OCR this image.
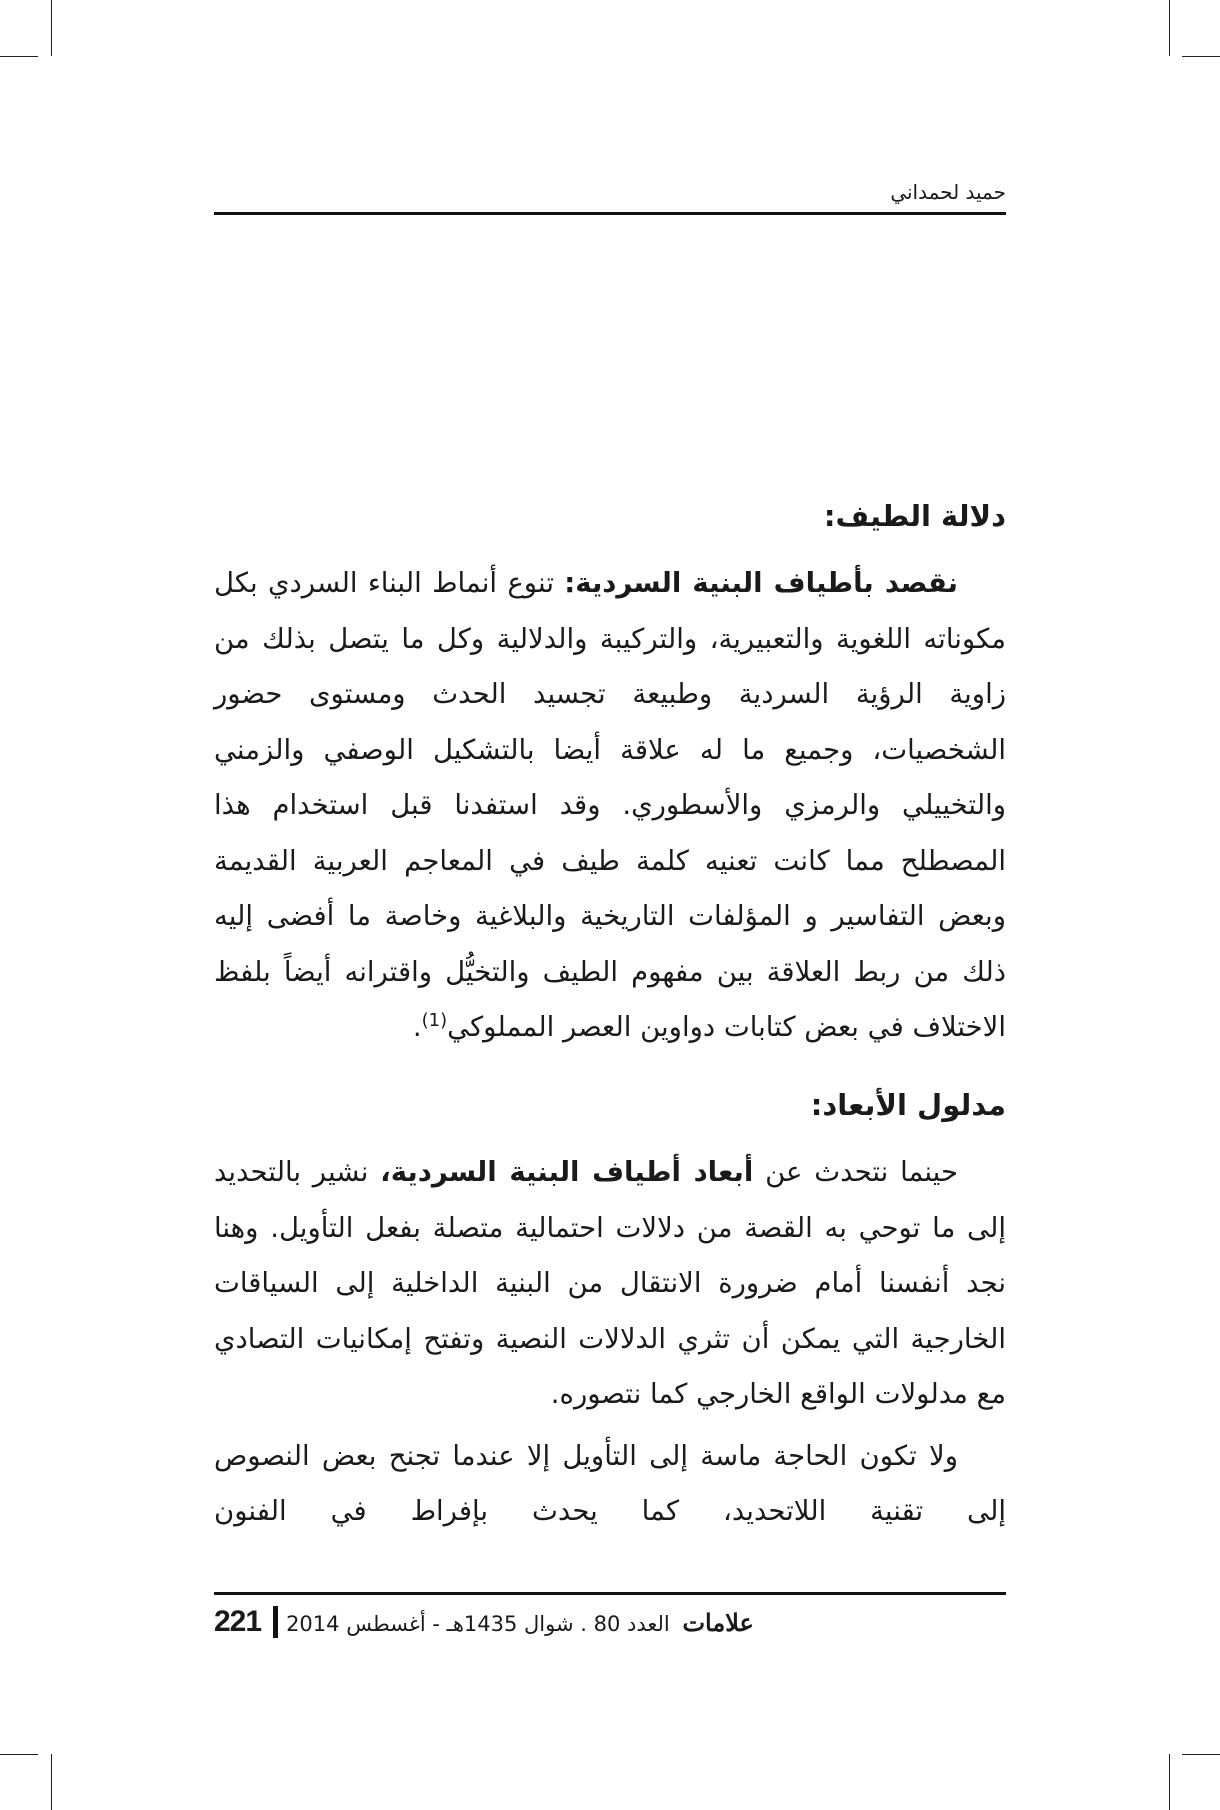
حميد لحمداني
دلالة الطيف:

نقصد بأطياف البنية السردية: تنوع أنماط البناء السردي بكل مكوناته اللغوية والتعبيرية، والتركيبة والدلالية وكل ما يتصل بذلك من زاوية الرؤية السردية وطبيعة تجسيد الحدث ومستوى حضور الشخصيات، وجميع ما له علاقة أيضا بالتشكيل الوصفي والزمني والتخييلي والرمزي والأسطوري. وقد استفدنا قبل استخدام هذا المصطلح مما كانت تعنيه كلمة طيف في المعاجم العربية القديمة وبعض التفاسير و المؤلفات التاريخية والبلاغية وخاصة ما أفضى إليه ذلك من ربط العلاقة بين مفهوم الطيف والتخيُّل واقترانه أيضاً بلفظ الاختلاف في بعض كتابات دواوين العصر المملوكي$^{(1)}$.

مدلول الأبعاد:

حينما نتحدث عن أبعاد أطياف البنية السردية، نشير بالتحديد إلى ما توحي به القصة من دلالات احتمالية متصلة بفعل التأويل. وهنا نجد أنفسنا أمام ضرورة الانتقال من البنية الداخلية إلى السياقات الخارجية التي يمكن أن تثري الدلالات النصية وتفتح إمكانيات التصادي مع مدلولات الواقع الخارجي كما نتصوره.

ولا تكون الحاجة ماسة إلى التأويل إلا عندما تجنح بعض النصوص إلى تقنية اللاتحديد، كما يحدث بإفراط في الفنون

221	علامات العدد 80 . شوال 1435هـ - أغسطس 2014
